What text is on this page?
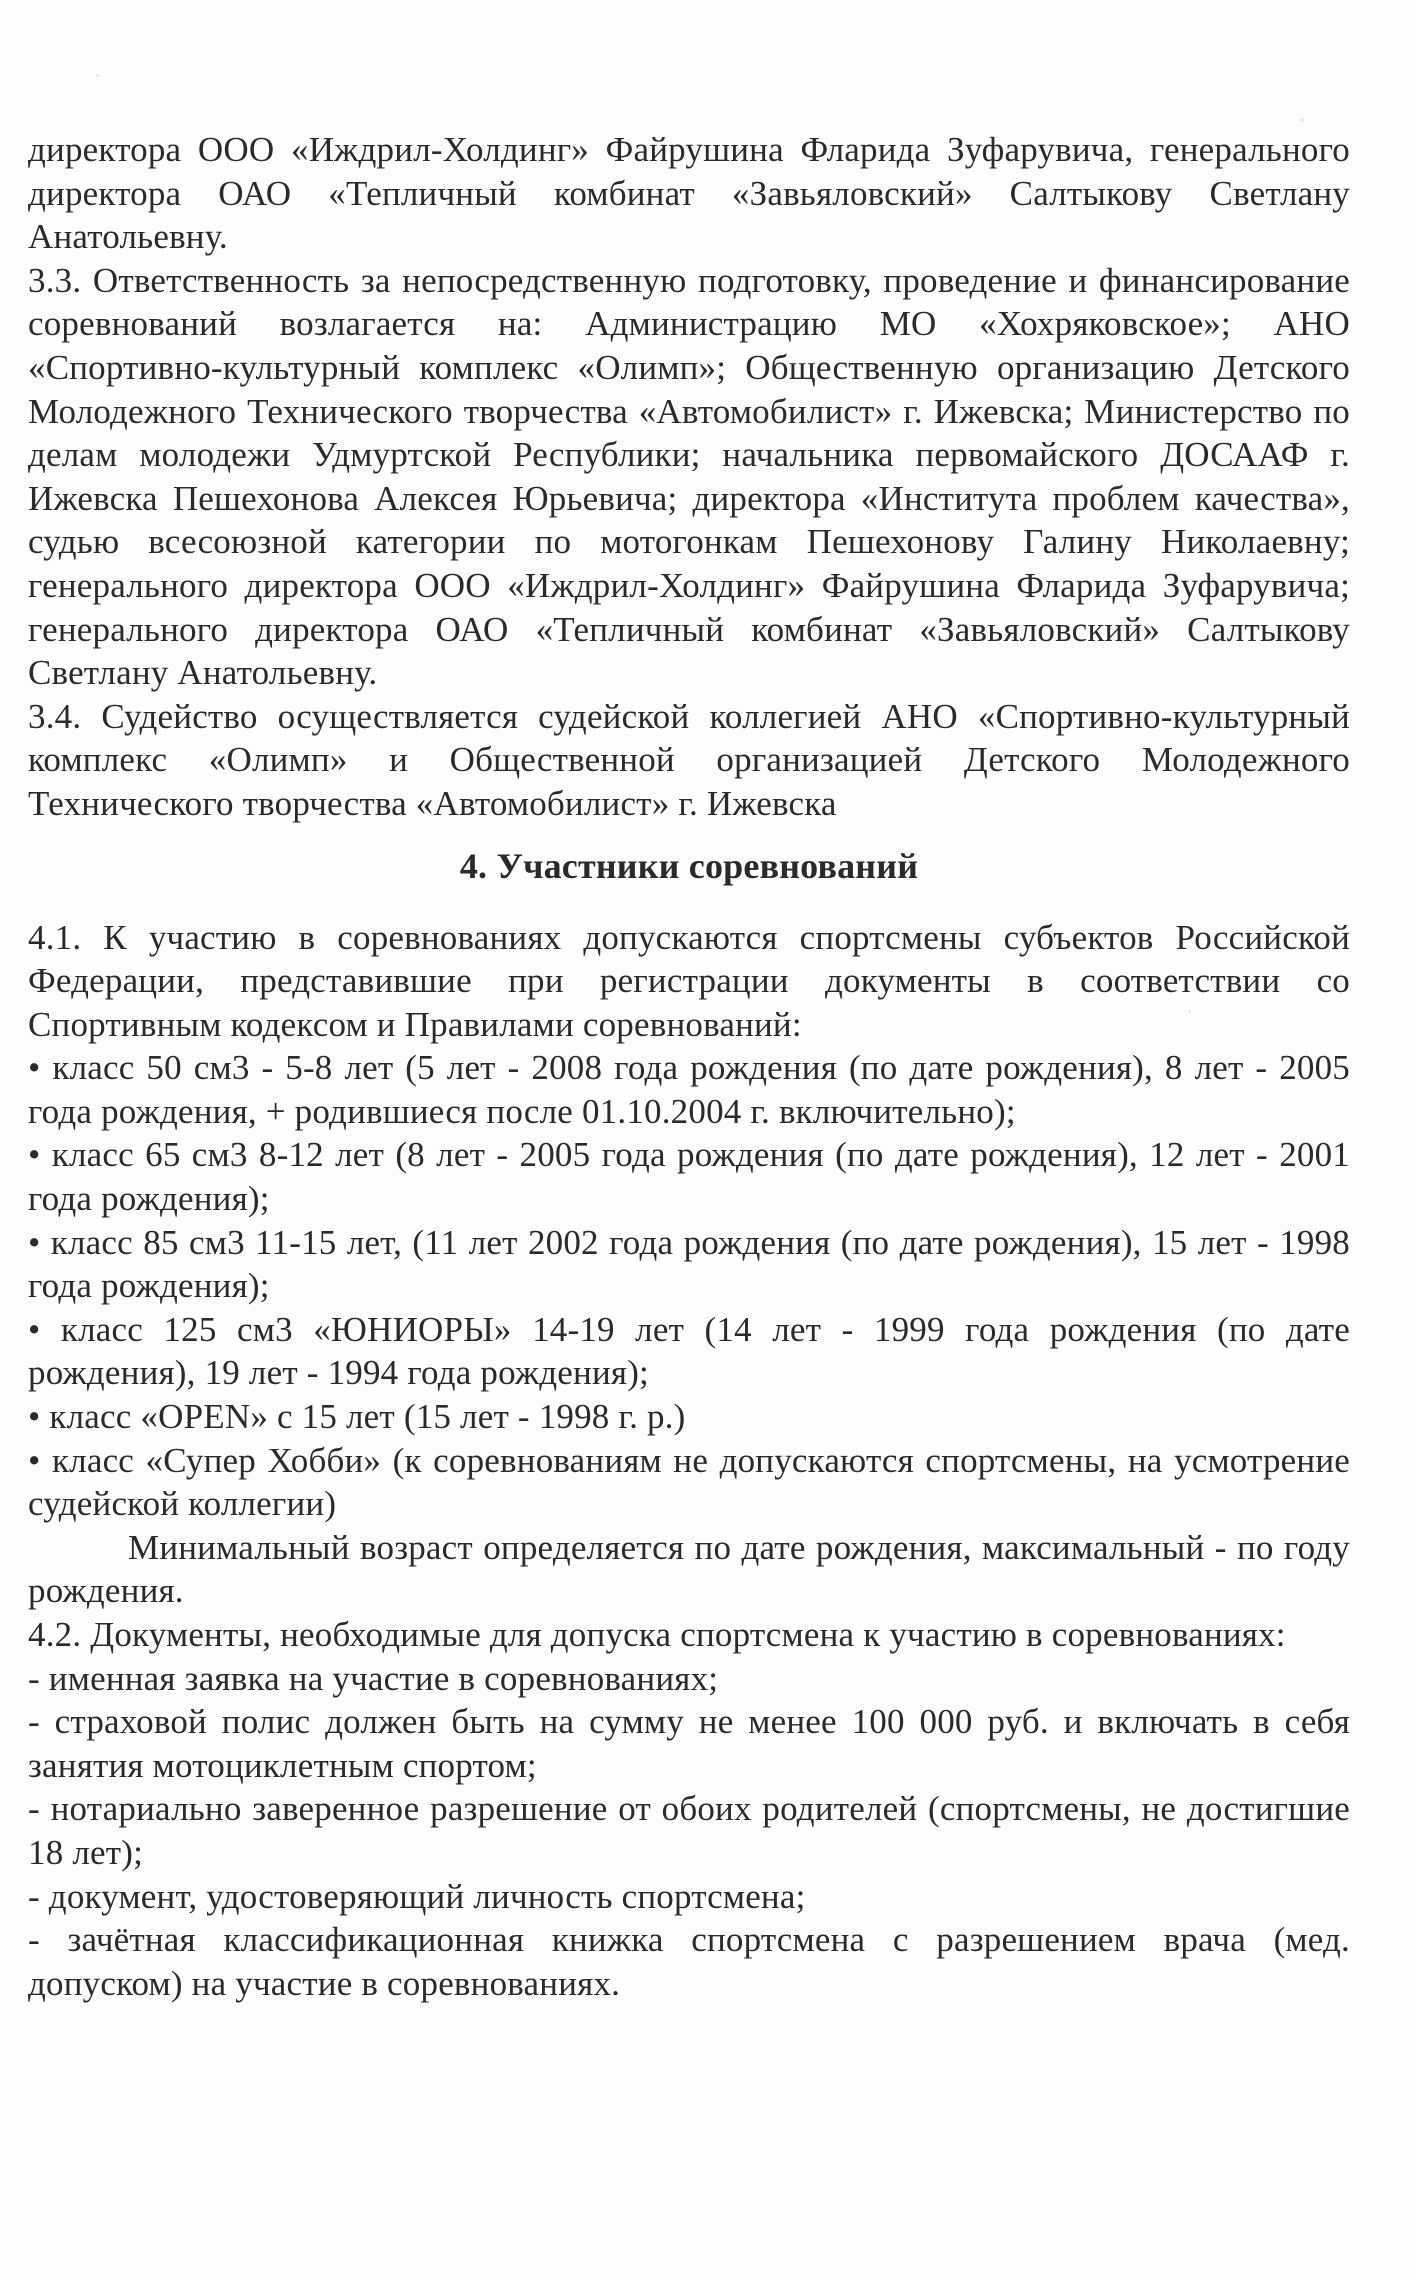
директора ООО «Иждрил-Холдинг» Файрушина Фларида Зуфарувича, генерального директора ОАО «Тепличный комбинат «Завьяловский» Салтыкову Светлану Анатольевну.

3.3. Ответственность за непосредственную подготовку, проведение и финансирование соревнований возлагается на: Администрацию МО «Хохряковское»; АНО «Спортивно-культурный комплекс «Олимп»; Общественную организацию Детского Молодежного Технического творчества «Автомобилист» г. Ижевска; Министерство по делам молодежи Удмуртской Республики; начальника первомайского ДОСААФ г. Ижевска Пешехонова Алексея Юрьевича; директора «Института проблем качества», судью всесоюзной категории по мотогонкам Пешехонову Галину Николаевну; генерального директора ООО «Иждрил-Холдинг» Файрушина Фларида Зуфарувича; генерального директора ОАО «Тепличный комбинат «Завьяловский» Салтыкову Светлану Анатольевну.

3.4. Судейство осуществляется судейской коллегией АНО «Спортивно-культурный комплекс «Олимп» и Общественной организацией Детского Молодежного Технического творчества «Автомобилист» г. Ижевска

4. Участники соревнований

4.1. К участию в соревнованиях допускаются спортсмены субъектов Российской Федерации, представившие при регистрации документы в соответствии со Спортивным кодексом и Правилами соревнований:

• класс 50 см3 - 5-8 лет (5 лет - 2008 года рождения (по дате рождения), 8 лет - 2005 года рождения, + родившиеся после 01.10.2004 г. включительно);

• класс 65 см3 8-12 лет (8 лет - 2005 года рождения (по дате рождения), 12 лет - 2001 года рождения);

• класс 85 см3 11-15 лет, (11 лет 2002 года рождения (по дате рождения), 15 лет - 1998 года рождения);

• класс 125 см3 «ЮНИОРЫ» 14-19 лет (14 лет - 1999 года рождения (по дате рождения), 19 лет - 1994 года рождения);

• класс «OPEN» с 15 лет (15 лет - 1998 г. р.)

• класс «Супер Хобби» (к соревнованиям не допускаются спортсмены, на усмотрение судейской коллегии)

Минимальный возраст определяется по дате рождения, максимальный - по году рождения.

4.2. Документы, необходимые для допуска спортсмена к участию в соревнованиях:

- именная заявка на участие в соревнованиях;

- страховой полис должен быть на сумму не менее 100 000 руб. и включать в себя занятия мотоциклетным спортом;

- нотариально заверенное разрешение от обоих родителей (спортсмены, не достигшие 18 лет);

- документ, удостоверяющий личность спортсмена;

- зачётная классификационная книжка спортсмена с разрешением врача (мед. допуском) на участие в соревнованиях.
